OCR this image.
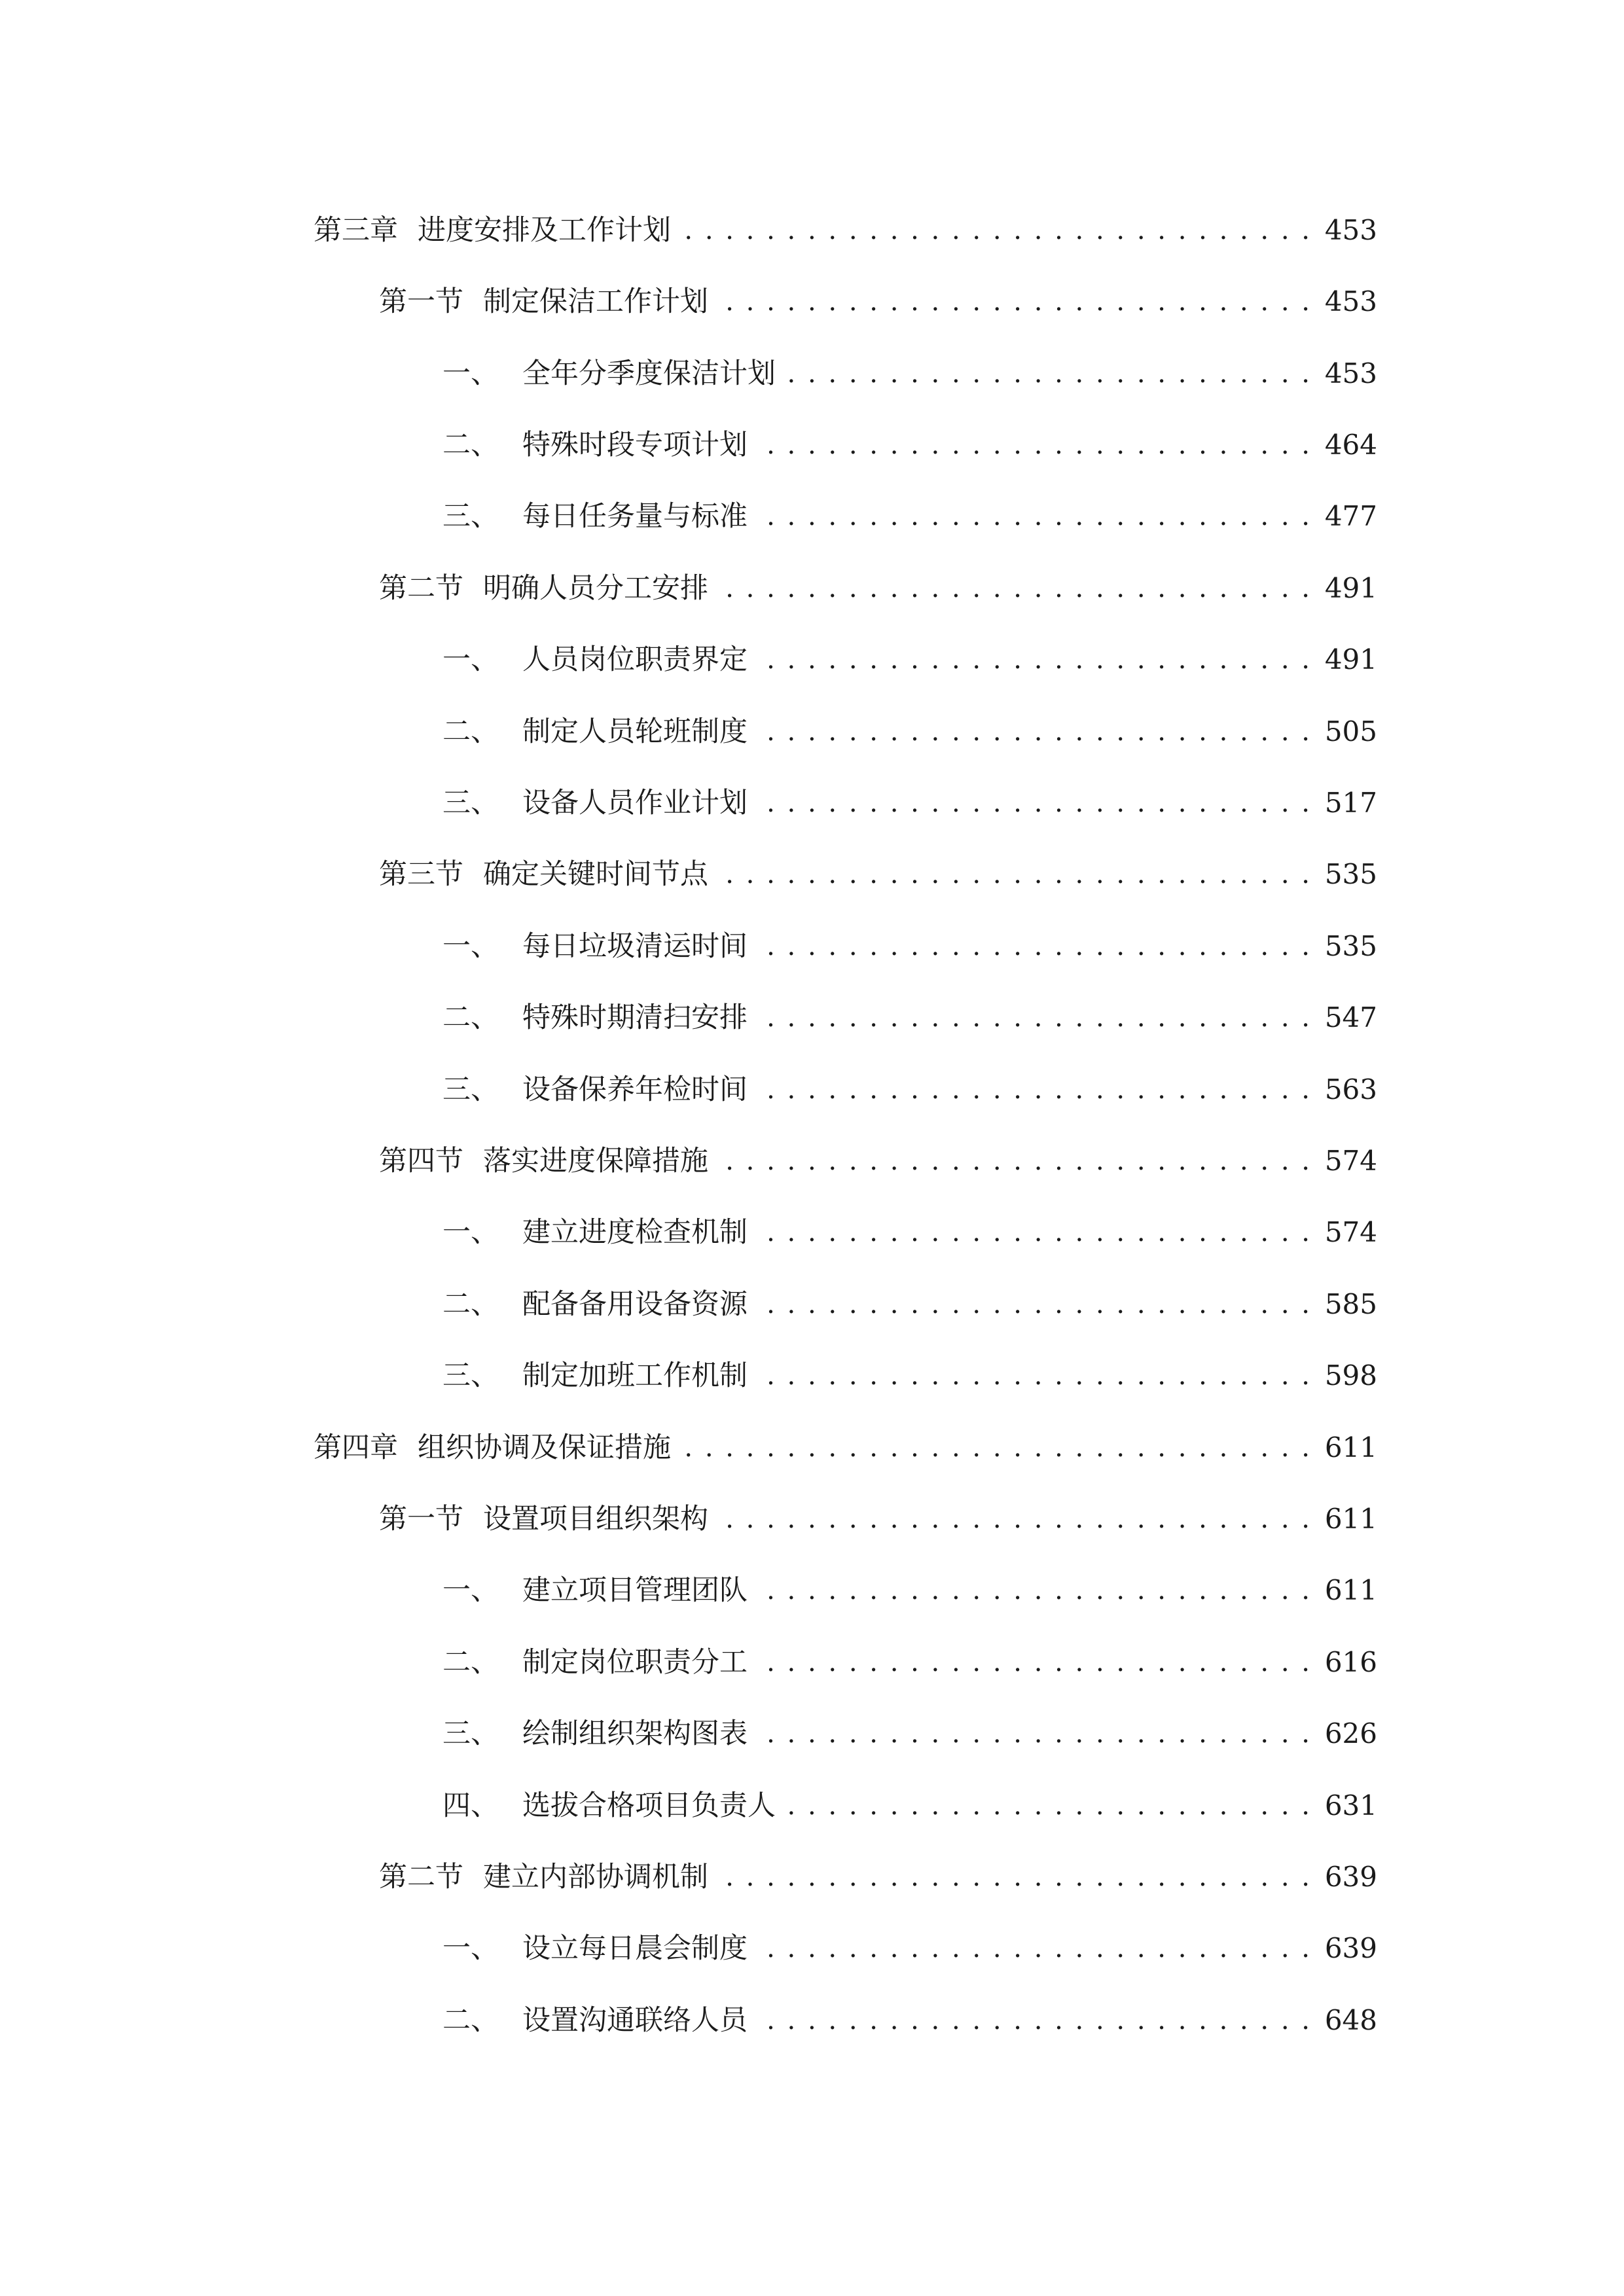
第三章 进度安排及工作计划 . . .	453
第一节 制定保洁工作计划 . . .	453
一、 全年分季度保洁计划 . . .	453
二、 特殊时段专项计划 . . .	464
三、 每日任务量与标准 . . .	477
第二节 明确人员分工安排 . . .	491
一、 人员岗位职责界定 . . .	491
二、 制定人员轮班制度 . . .	505
三、 设备人员作业计划 . . .	517
第三节 确定关键时间节点 . . .	535
一、 每日垃圾清运时间 . . .	535
二、 特殊时期清扫安排 . . .	547
三、 设备保养年检时间 . . .	563
第四节 落实进度保障措施 . . .	574
一、 建立进度检查机制 . . .	574
二、 配备备用设备资源 . . .	585
三、 制定加班工作机制 . . .	598
第四章 组织协调及保证措施 . . .	611
第一节 设置项目组织架构 . . .	611
一、 建立项目管理团队 . . .	611
二、 制定岗位职责分工 . . .	616
三、 绘制组织架构图表 . . .	626
四、 选拔合格项目负责人 . . .	631
第二节 建立内部协调机制 . . .	639
一、 设立每日晨会制度 . . .	639
二、 设置沟通联络人员 . . .	648
